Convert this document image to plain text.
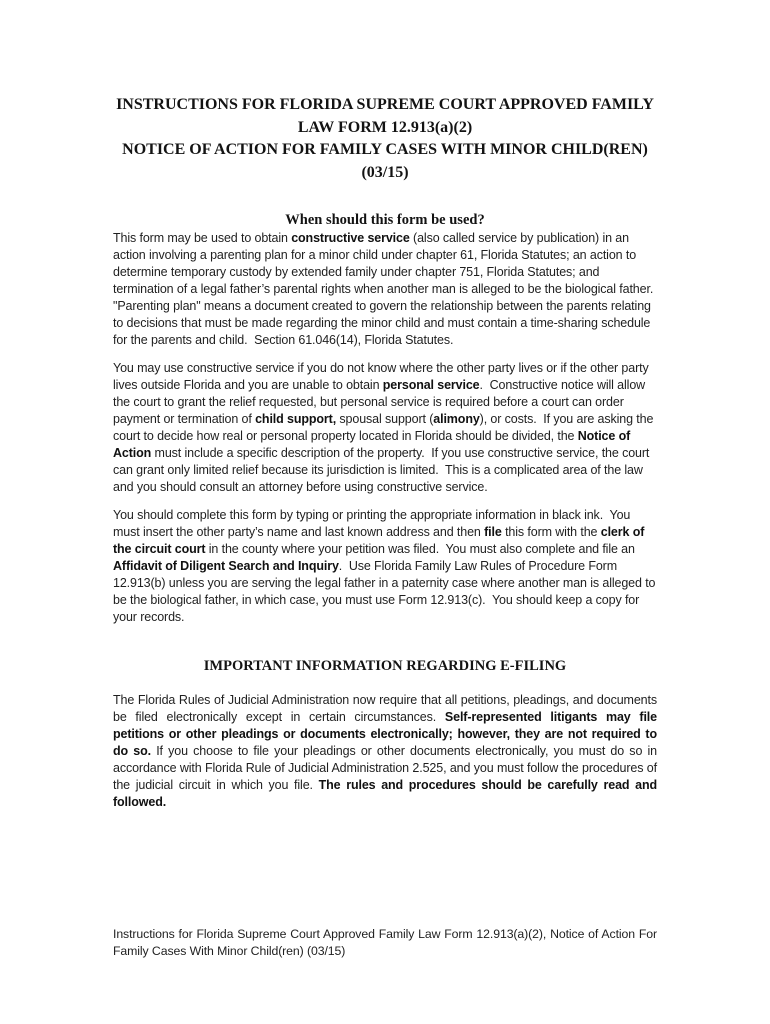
INSTRUCTIONS FOR FLORIDA SUPREME COURT APPROVED FAMILY
LAW FORM 12.913(a)(2)
NOTICE OF ACTION FOR FAMILY CASES WITH MINOR CHILD(REN)
(03/15)
When should this form be used?

This form may be used to obtain constructive service (also called service by publication) in an action involving a parenting plan for a minor child under chapter 61, Florida Statutes; an action to determine temporary custody by extended family under chapter 751, Florida Statutes; and termination of a legal father’s parental rights when another man is alleged to be the biological father.  "Parenting plan" means a document created to govern the relationship between the parents relating to decisions that must be made regarding the minor child and must contain a time-sharing schedule for the parents and child.  Section 61.046(14), Florida Statutes.

You may use constructive service if you do not know where the other party lives or if the other party lives outside Florida and you are unable to obtain personal service.  Constructive notice will allow the court to grant the relief requested, but personal service is required before a court can order payment or termination of child support, spousal support (alimony), or costs.  If you are asking the court to decide how real or personal property located in Florida should be divided, the Notice of Action must include a specific description of the property.  If you use constructive service, the court can grant only limited relief because its jurisdiction is limited.  This is a complicated area of the law and you should consult an attorney before using constructive service.

You should complete this form by typing or printing the appropriate information in black ink.  You must insert the other party’s name and last known address and then file this form with the clerk of the circuit court in the county where your petition was filed.  You must also complete and file an Affidavit of Diligent Search and Inquiry.  Use Florida Family Law Rules of Procedure Form 12.913(b) unless you are serving the legal father in a paternity case where another man is alleged to be the biological father, in which case, you must use Form 12.913(c).  You should keep a copy for your records.

IMPORTANT INFORMATION REGARDING E-FILING

The Florida Rules of Judicial Administration now require that all petitions, pleadings, and documents be filed electronically except in certain circumstances. Self-represented litigants may file petitions or other pleadings or documents electronically; however, they are not required to do so. If you choose to file your pleadings or other documents electronically, you must do so in accordance with Florida Rule of Judicial Administration 2.525, and you must follow the procedures of the judicial circuit in which you file. The rules and procedures should be carefully read and followed.

Instructions for Florida Supreme Court Approved Family Law Form 12.913(a)(2), Notice of Action For Family Cases With Minor Child(ren) (03/15)
